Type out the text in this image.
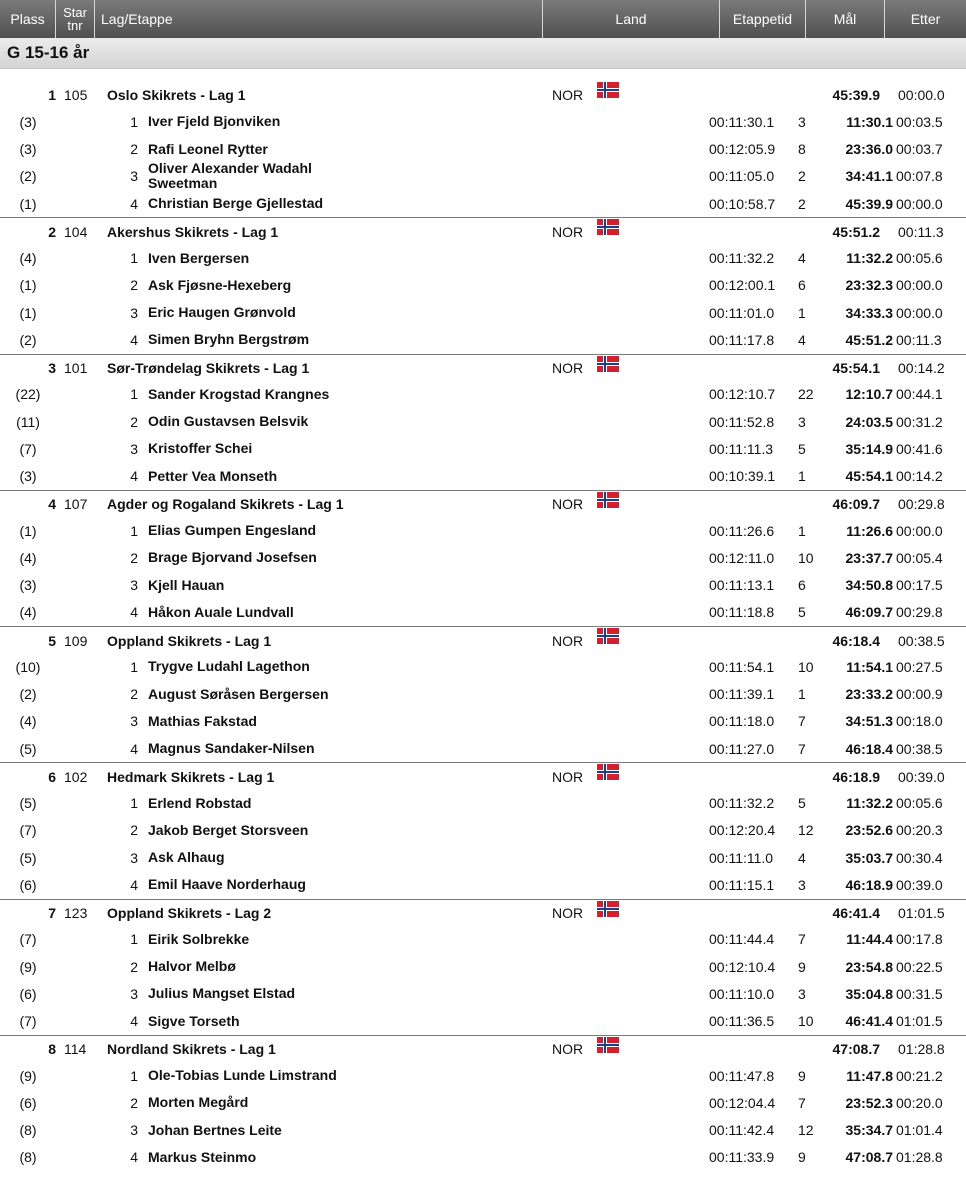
Plass	Star tnr	Lag/Etappe	Land	Etappetid	Mål	Etter
G 15-16 år
1 105	Oslo Skikrets - Lag 1	NOR	45:39.9 00:00.0
(3)	1 Iver Fjeld Bjonviken	00:11:30.1 3	11:30.1 00:03.5
(3)	2 Rafi Leonel Rytter	00:12:05.9 8	23:36.0 00:03.7
(2)	3 Oliver Alexander Wadahl Sweetman	00:11:05.0 2	34:41.1 00:07.8
(1)	4 Christian Berge Gjellestad	00:10:58.7 2	45:39.9 00:00.0
2 104	Akershus Skikrets - Lag 1	NOR	45:51.2 00:11.3
(4)	1 Iven Bergersen	00:11:32.2 4	11:32.2 00:05.6
(1)	2 Ask Fjøsne-Hexeberg	00:12:00.1 6	23:32.3 00:00.0
(1)	3 Eric Haugen Grønvold	00:11:01.0 1	34:33.3 00:00.0
(2)	4 Simen Bryhn Bergstrøm	00:11:17.8 4	45:51.2 00:11.3
3 101	Sør-Trøndelag Skikrets - Lag 1	NOR	45:54.1 00:14.2
(22)	1 Sander Krogstad Krangnes	00:12:10.7 22	12:10.7 00:44.1
(11)	2 Odin Gustavsen Belsvik	00:11:52.8 3	24:03.5 00:31.2
(7)	3 Kristoffer Schei	00:11:11.3 5	35:14.9 00:41.6
(3)	4 Petter Vea Monseth	00:10:39.1 1	45:54.1 00:14.2
4 107	Agder og Rogaland Skikrets - Lag 1	NOR	46:09.7 00:29.8
(1)	1 Elias Gumpen Engesland	00:11:26.6 1	11:26.6 00:00.0
(4)	2 Brage Bjorvand Josefsen	00:12:11.0 10	23:37.7 00:05.4
(3)	3 Kjell Hauan	00:11:13.1 6	34:50.8 00:17.5
(4)	4 Håkon Auale Lundvall	00:11:18.8 5	46:09.7 00:29.8
5 109	Oppland Skikrets - Lag 1	NOR	46:18.4 00:38.5
(10)	1 Trygve Ludahl Lagethon	00:11:54.1 10	11:54.1 00:27.5
(2)	2 August Søråsen Bergersen	00:11:39.1 1	23:33.2 00:00.9
(4)	3 Mathias Fakstad	00:11:18.0 7	34:51.3 00:18.0
(5)	4 Magnus Sandaker-Nilsen	00:11:27.0 7	46:18.4 00:38.5
6 102	Hedmark Skikrets - Lag 1	NOR	46:18.9 00:39.0
(5)	1 Erlend Robstad	00:11:32.2 5	11:32.2 00:05.6
(7)	2 Jakob Berget Storsveen	00:12:20.4 12	23:52.6 00:20.3
(5)	3 Ask Alhaug	00:11:11.0 4	35:03.7 00:30.4
(6)	4 Emil Haave Norderhaug	00:11:15.1 3	46:18.9 00:39.0
7 123	Oppland Skikrets - Lag 2	NOR	46:41.4 01:01.5
(7)	1 Eirik Solbrekke	00:11:44.4 7	11:44.4 00:17.8
(9)	2 Halvor Melbø	00:12:10.4 9	23:54.8 00:22.5
(6)	3 Julius Mangset Elstad	00:11:10.0 3	35:04.8 00:31.5
(7)	4 Sigve Torseth	00:11:36.5 10	46:41.4 01:01.5
8 114	Nordland Skikrets - Lag 1	NOR	47:08.7 01:28.8
(9)	1 Ole-Tobias Lunde Limstrand	00:11:47.8 9	11:47.8 00:21.2
(6)	2 Morten Megård	00:12:04.4 7	23:52.3 00:20.0
(8)	3 Johan Bertnes Leite	00:11:42.4 12	35:34.7 01:01.4
(8)	4 Markus Steinmo	00:11:33.9 9	47:08.7 01:28.8
